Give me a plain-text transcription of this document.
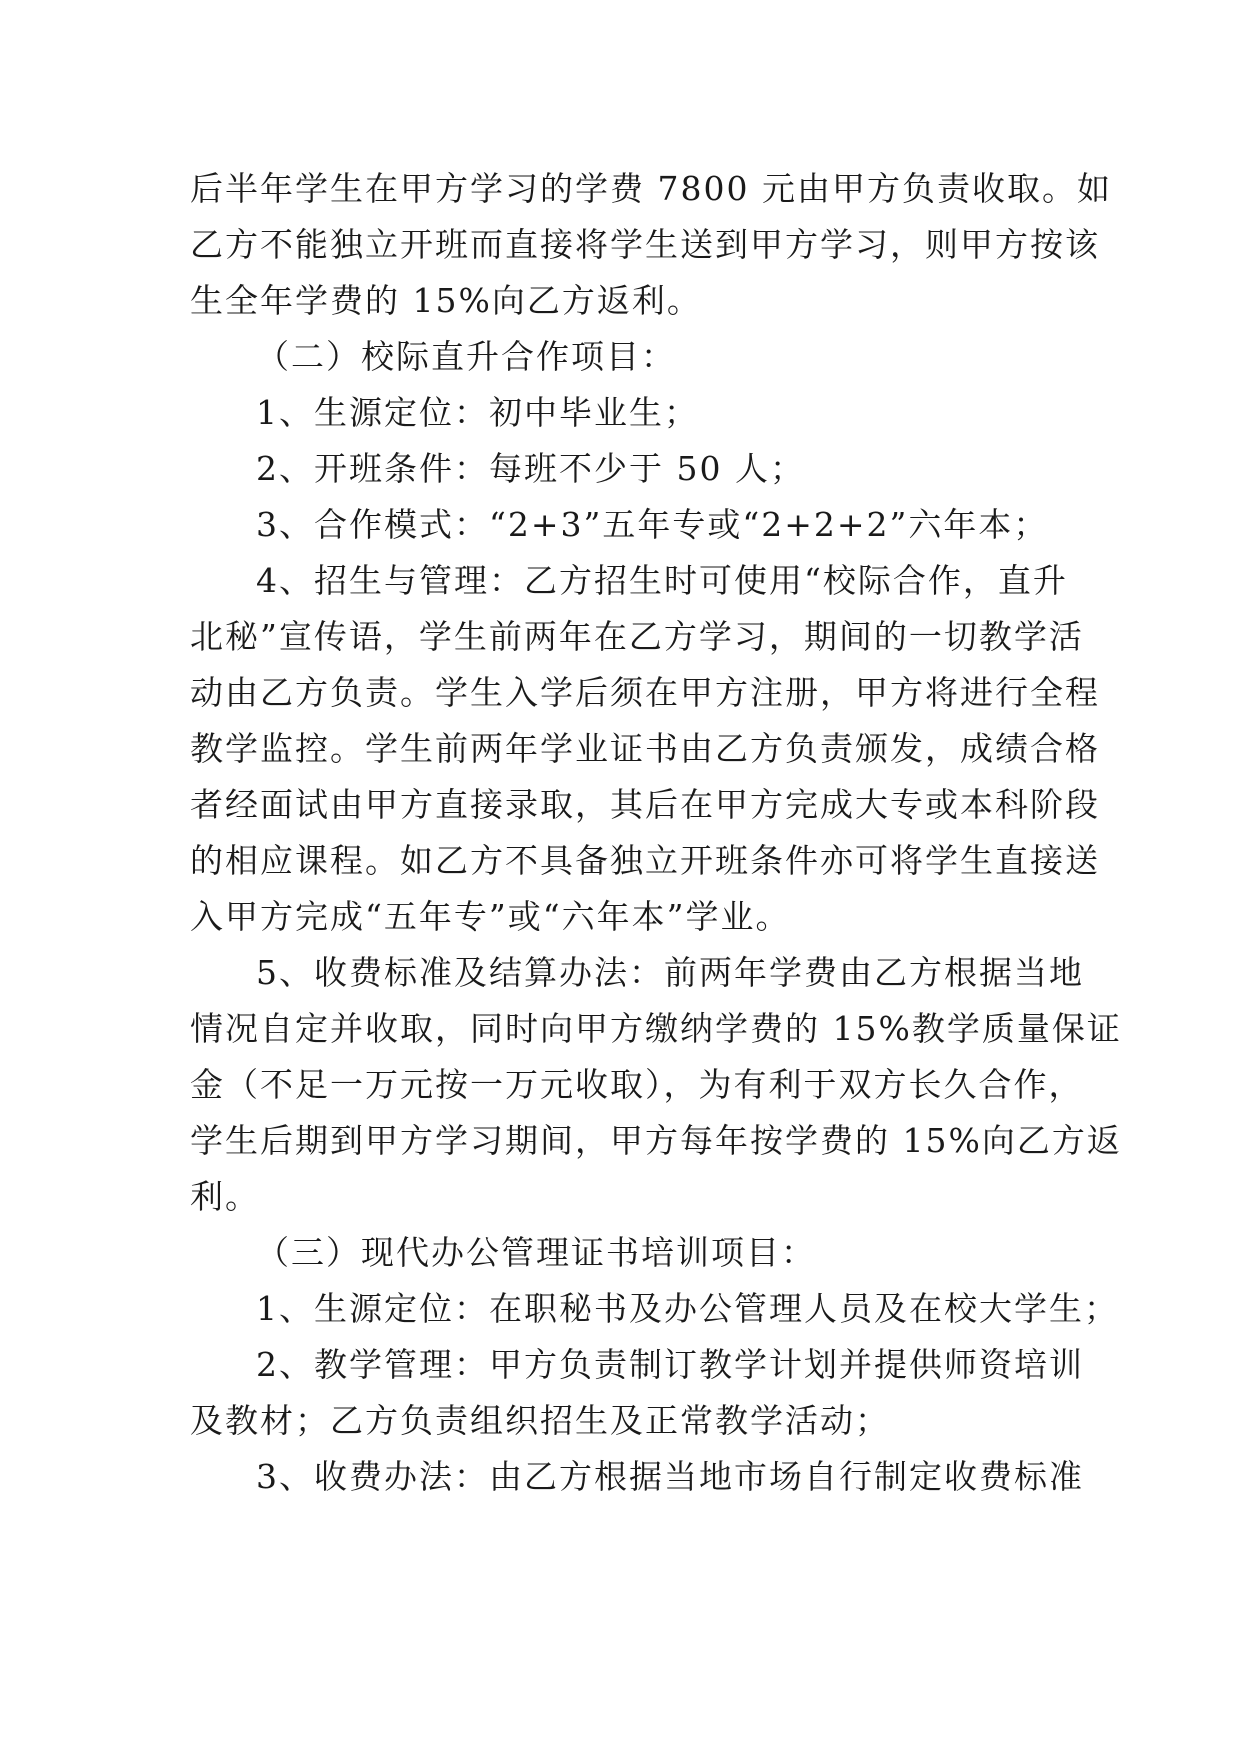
后半年学生在甲方学习的学费 7800 元由甲方负责收取。如
乙方不能独立开班而直接将学生送到甲方学习，则甲方按该
生全年学费的 15%向乙方返利。
（二）校际直升合作项目：
1、生源定位：初中毕业生；
2、开班条件：每班不少于 50 人；
3、合作模式：“2+3”五年专或“2+2+2”六年本；
4、招生与管理：乙方招生时可使用“校际合作，直升
北秘”宣传语，学生前两年在乙方学习，期间的一切教学活
动由乙方负责。学生入学后须在甲方注册，甲方将进行全程
教学监控。学生前两年学业证书由乙方负责颁发，成绩合格
者经面试由甲方直接录取，其后在甲方完成大专或本科阶段
的相应课程。如乙方不具备独立开班条件亦可将学生直接送
入甲方完成“五年专”或“六年本”学业。
5、收费标准及结算办法：前两年学费由乙方根据当地
情况自定并收取，同时向甲方缴纳学费的 15%教学质量保证
金（不足一万元按一万元收取），为有利于双方长久合作，
学生后期到甲方学习期间，甲方每年按学费的 15%向乙方返
利。
（三）现代办公管理证书培训项目：
1、生源定位：在职秘书及办公管理人员及在校大学生；
2、教学管理：甲方负责制订教学计划并提供师资培训
及教材；乙方负责组织招生及正常教学活动；
3、收费办法：由乙方根据当地市场自行制定收费标准
